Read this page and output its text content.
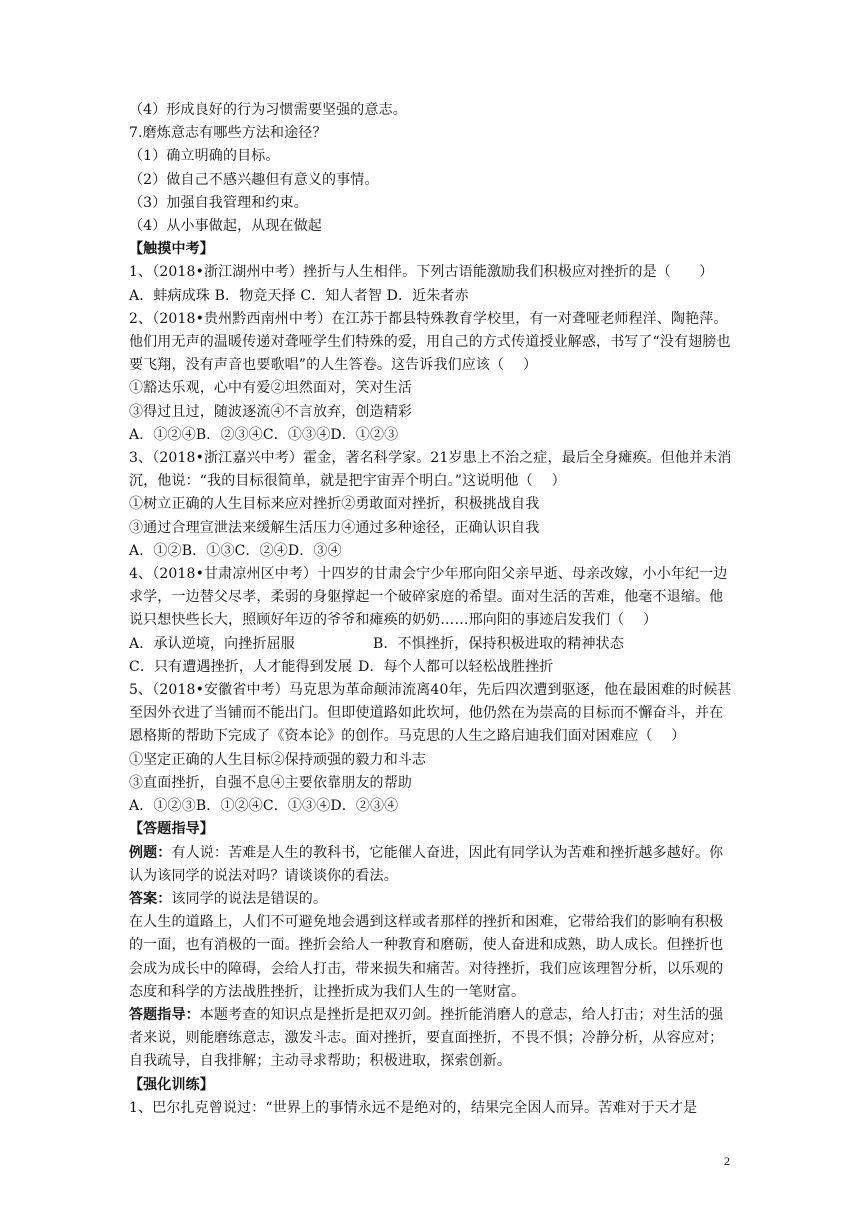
（4）形成良好的行为习惯需要坚强的意志。

7.磨炼意志有哪些方法和途径？

（1）确立明确的目标。

（2）做自己不感兴趣但有意义的事情。

（3）加强自我管理和约束。

（4）从小事做起，从现在做起

【触摸中考】

1、（2018•浙江湖州中考）挫折与人生相伴。下列古语能激励我们积极应对挫折的是（　　）

A．蚌病成珠 B．物竞天择 C．知人者智 D．近朱者赤

2、（2018•贵州黔西南州中考）在江苏于都县特殊教育学校里，有一对聋哑老师程洋、陶艳萍。他们用无声的温暖传递对聋哑学生们特殊的爱，用自己的方式传道授业解惑，书写了“没有翅膀也要飞翔，没有声音也要歌唱”的人生答卷。这告诉我们应该（　 ）

①豁达乐观，心中有爱②坦然面对，笑对生活

③得过且过，随波逐流④不言放弃，创造精彩

A．①②④B．②③④C．①③④D．①②③

3、（2018•浙江嘉兴中考）霍金，著名科学家。21岁患上不治之症，最后全身瘫痪。但他并未消沉，他说：“我的目标很简单，就是把宇宙弄个明白。”这说明他（　 ）

①树立正确的人生目标来应对挫折②勇敢面对挫折，积极挑战自我

③通过合理宣泄法来缓解生活压力④通过多种途径，正确认识自我

A．①②B．①③C．②④D．③④

4、（2018•甘肃凉州区中考）十四岁的甘肃会宁少年邢向阳父亲早逝、母亲改嫁，小小年纪一边求学，一边替父尽孝，柔弱的身躯撑起一个破碎家庭的希望。面对生活的苦难，他毫不退缩。他说只想快些长大，照顾好年迈的爷爷和瘫痪的奶奶……邢向阳的事迹启发我们（　 ）

A．承认逆境，向挫折屈服	B．不惧挫折，保持积极进取的精神状态
C．只有遭遇挫折，人才能得到发展 D．每个人都可以轻松战胜挫折

5、（2018•安徽省中考）马克思为革命颠沛流离40年，先后四次遭到驱逐，他在最困难的时候甚至因外衣进了当铺而不能出门。但即使道路如此坎坷，他仍然在为崇高的目标而不懈奋斗，并在恩格斯的帮助下完成了《资本论》的创作。马克思的人生之路启迪我们面对困难应（　 ）

①坚定正确的人生目标②保持顽强的毅力和斗志

③直面挫折，自强不息④主要依靠朋友的帮助

A．①②③B．①②④C．①③④D．②③④

【答题指导】

例题：有人说：苦难是人生的教科书，它能催人奋进，因此有同学认为苦难和挫折越多越好。你认为该同学的说法对吗？请谈谈你的看法。

答案：该同学的说法是错误的。

在人生的道路上，人们不可避免地会遇到这样或者那样的挫折和困难，它带给我们的影响有积极的一面，也有消极的一面。挫折会给人一种教育和磨砺，使人奋进和成熟，助人成长。但挫折也会成为成长中的障碍，会给人打击，带来损失和痛苦。对待挫折，我们应该理智分析，以乐观的态度和科学的方法战胜挫折，让挫折成为我们人生的一笔财富。

答题指导：本题考查的知识点是挫折是把双刃剑。挫折能消磨人的意志，给人打击；对生活的强者来说，则能磨练意志，激发斗志。面对挫折，要直面挫折，不畏不惧；冷静分析，从容应对；自我疏导，自我排解；主动寻求帮助；积极进取，探索创新。

【强化训练】

1、巴尔扎克曾说过：“世界上的事情永远不是绝对的，结果完全因人而异。苦难对于天才是

2
